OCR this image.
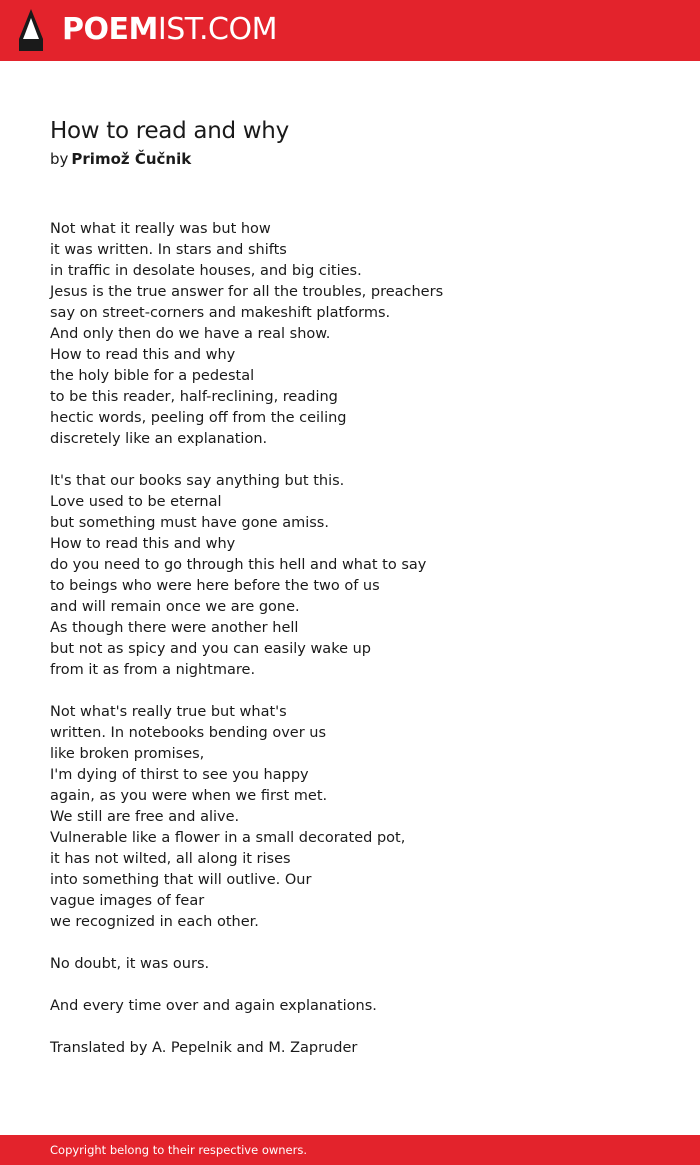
POEMIST.COM
How to read and why
by Primož Čučnik
Not what it really was but how
it was written. In stars and shifts
in traffic in desolate houses, and big cities.
Jesus is the true answer for all the troubles, preachers
say on street-corners and makeshift platforms.
And only then do we have a real show.
How to read this and why
the holy bible for a pedestal
to be this reader, half-reclining, reading
hectic words, peeling off from the ceiling
discretely like an explanation.
It's that our books say anything but this.
Love used to be eternal
but something must have gone amiss.
How to read this and why
do you need to go through this hell and what to say
to beings who were here before the two of us
and will remain once we are gone.
As though there were another hell
but not as spicy and you can easily wake up
from it as from a nightmare.
Not what's really true but what's
written. In notebooks bending over us
like broken promises,
I'm dying of thirst to see you happy
again, as you were when we first met.
We still are free and alive.
Vulnerable like a flower in a small decorated pot,
it has not wilted, all along it rises
into something that will outlive. Our
vague images of fear
we recognized in each other.
No doubt, it was ours.
And every time over and again explanations.
Translated by A. Pepelnik and M. Zapruder
Copyright belong to their respective owners.
